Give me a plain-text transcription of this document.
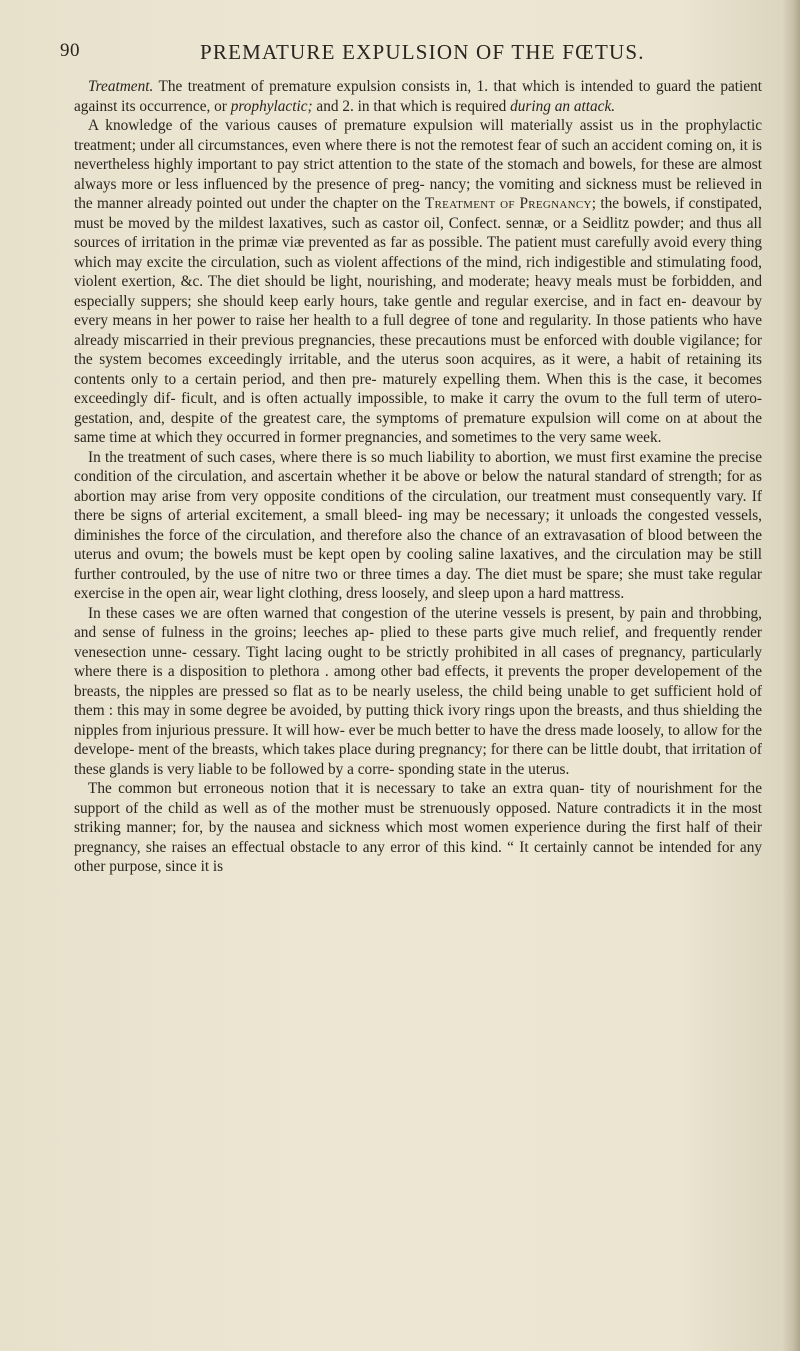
90	PREMATURE EXPULSION OF THE FŒTUS.

Treatment. The treatment of premature expulsion consists in, 1. that which is intended to guard the patient against its occurrence, or prophylactic; and 2. in that which is required during an attack.

A knowledge of the various causes of premature expulsion will materially assist us in the prophylactic treatment; under all circumstances, even where there is not the remotest fear of such an accident coming on, it is nevertheless highly important to pay strict attention to the state of the stomach and bowels, for these are almost always more or less influenced by the presence of preg- nancy; the vomiting and sickness must be relieved in the manner already pointed out under the chapter on the Treatment of Pregnancy; the bowels, if constipated, must be moved by the mildest laxatives, such as castor oil, Confect. sennæ, or a Seidlitz powder; and thus all sources of irritation in the primæ viæ prevented as far as possible. The patient must carefully avoid every thing which may excite the circulation, such as violent affections of the mind, rich indigestible and stimulating food, violent exertion, &c. The diet should be light, nourishing, and moderate; heavy meals must be forbidden, and especially suppers; she should keep early hours, take gentle and regular exercise, and in fact en- deavour by every means in her power to raise her health to a full degree of tone and regularity. In those patients who have already miscarried in their previous pregnancies, these precautions must be enforced with double vigilance; for the system becomes exceedingly irritable, and the uterus soon acquires, as it were, a habit of retaining its contents only to a certain period, and then pre- maturely expelling them. When this is the case, it becomes exceedingly dif- ficult, and is often actually impossible, to make it carry the ovum to the full term of utero-gestation, and, despite of the greatest care, the symptoms of premature expulsion will come on at about the same time at which they occurred in former pregnancies, and sometimes to the very same week.

In the treatment of such cases, where there is so much liability to abortion, we must first examine the precise condition of the circulation, and ascertain whether it be above or below the natural standard of strength; for as abortion may arise from very opposite conditions of the circulation, our treatment must consequently vary. If there be signs of arterial excitement, a small bleed- ing may be necessary; it unloads the congested vessels, diminishes the force of the circulation, and therefore also the chance of an extravasation of blood between the uterus and ovum; the bowels must be kept open by cooling saline laxatives, and the circulation may be still further controuled, by the use of nitre two or three times a day. The diet must be spare; she must take regular exercise in the open air, wear light clothing, dress loosely, and sleep upon a hard mattress.

In these cases we are often warned that congestion of the uterine vessels is present, by pain and throbbing, and sense of fulness in the groins; leeches ap- plied to these parts give much relief, and frequently render venesection unne- cessary. Tight lacing ought to be strictly prohibited in all cases of pregnancy, particularly where there is a disposition to plethora . among other bad effects, it prevents the proper developement of the breasts, the nipples are pressed so flat as to be nearly useless, the child being unable to get sufficient hold of them : this may in some degree be avoided, by putting thick ivory rings upon the breasts, and thus shielding the nipples from injurious pressure. It will how- ever be much better to have the dress made loosely, to allow for the develope- ment of the breasts, which takes place during pregnancy; for there can be little doubt, that irritation of these glands is very liable to be followed by a corre- sponding state in the uterus.

The common but erroneous notion that it is necessary to take an extra quan- tity of nourishment for the support of the child as well as of the mother must be strenuously opposed. Nature contradicts it in the most striking manner; for, by the nausea and sickness which most women experience during the first half of their pregnancy, she raises an effectual obstacle to any error of this kind. “ It certainly cannot be intended for any other purpose, since it is
